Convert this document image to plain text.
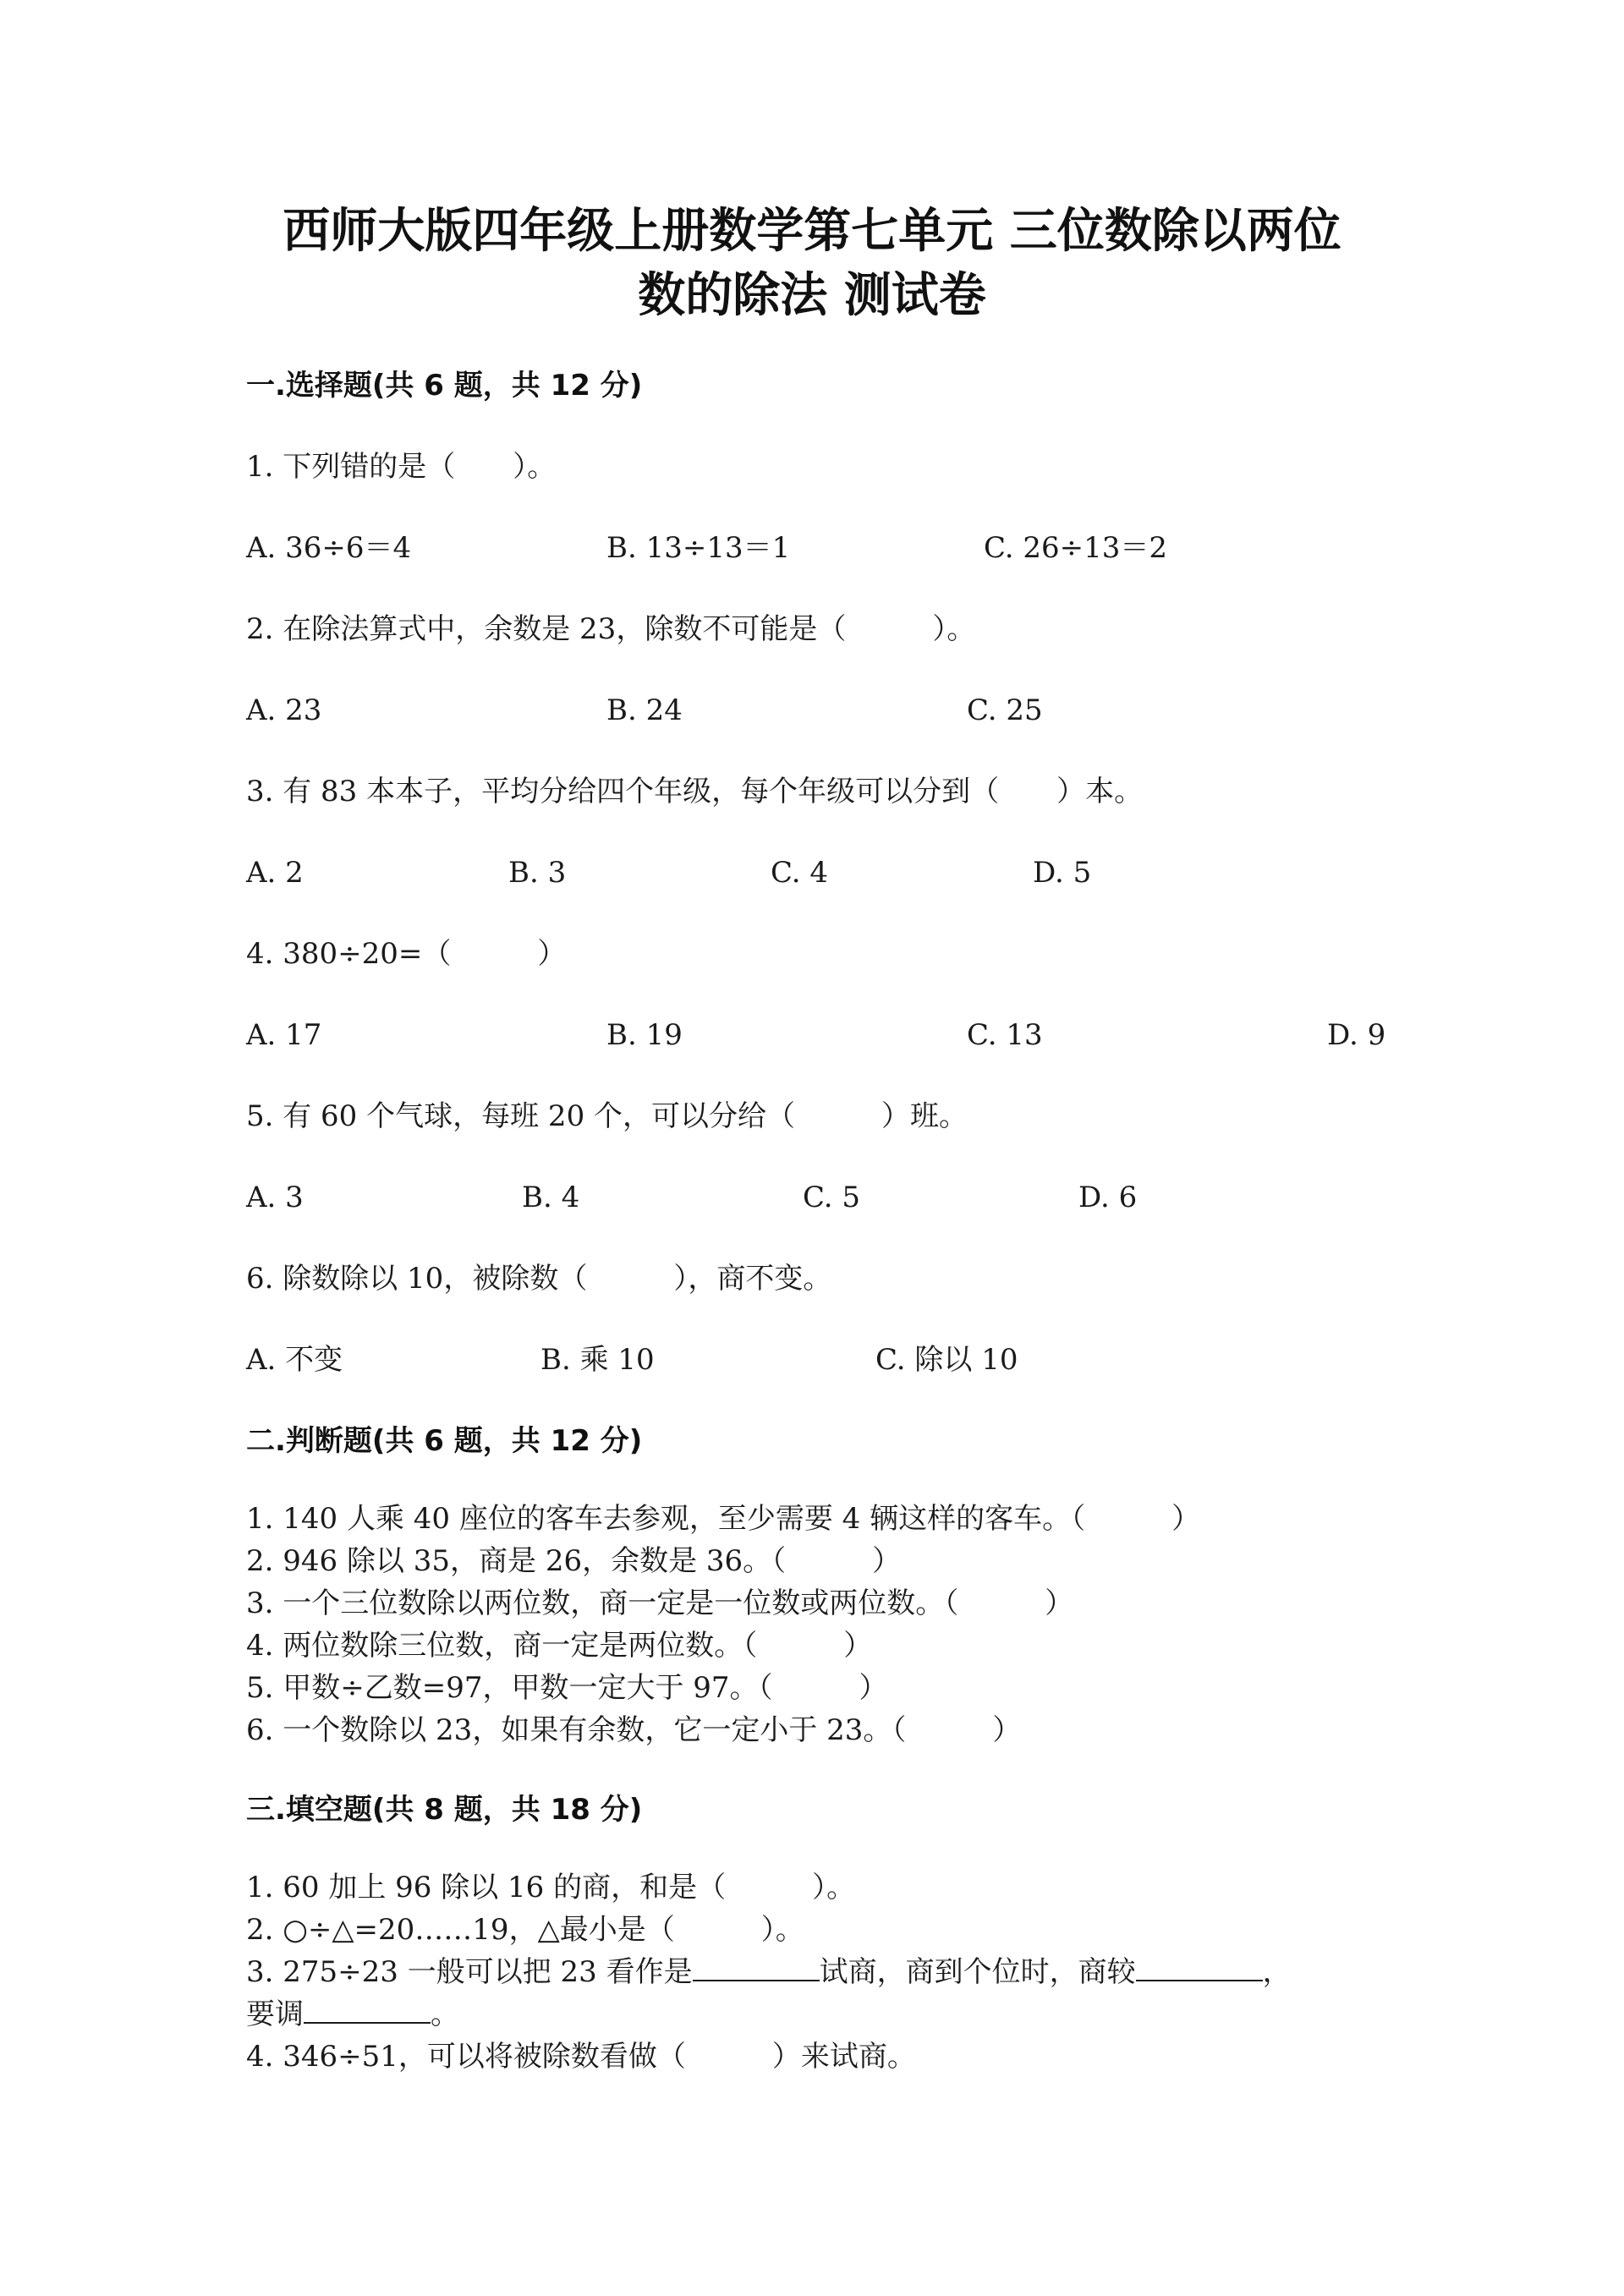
西师大版四年级上册数学第七单元 三位数除以两位
数的除法 测试卷
一.选择题(共 6 题，共 12 分)
1. 下列错的是（　　）。
A. 36÷6＝4	B. 13÷13＝1	C. 26÷13＝2
2. 在除法算式中，余数是 23，除数不可能是（　　　）。
A. 23	B. 24	C. 25
3. 有 83 本本子，平均分给四个年级，每个年级可以分到（　　）本。
A. 2	B. 3	C. 4	D. 5
4. 380÷20=（　　　）
A. 17	B. 19	C. 13	D. 9
5. 有 60 个气球，每班 20 个，可以分给（　　　）班。
A. 3	B. 4	C. 5	D. 6
6. 除数除以 10，被除数（　　　），商不变。
A. 不变	B. 乘 10	C. 除以 10
二.判断题(共 6 题，共 12 分)
1. 140 人乘 40 座位的客车去参观，至少需要 4 辆这样的客车。（　　　）
2. 946 除以 35，商是 26，余数是 36。（　　　）
3. 一个三位数除以两位数，商一定是一位数或两位数。（　　　）
4. 两位数除三位数，商一定是两位数。（　　　）
5. 甲数÷乙数=97，甲数一定大于 97。（　　　）
6. 一个数除以 23，如果有余数，它一定小于 23。（　　　）
三.填空题(共 8 题，共 18 分)
1. 60 加上 96 除以 16 的商，和是（　　　）。
2. ○÷△=20……19，△最小是（　　　）。
3. 275÷23 一般可以把 23 看作是	试商，商到个位时，商较	，
要调	。
4. 346÷51，可以将被除数看做（　　　）来试商。
